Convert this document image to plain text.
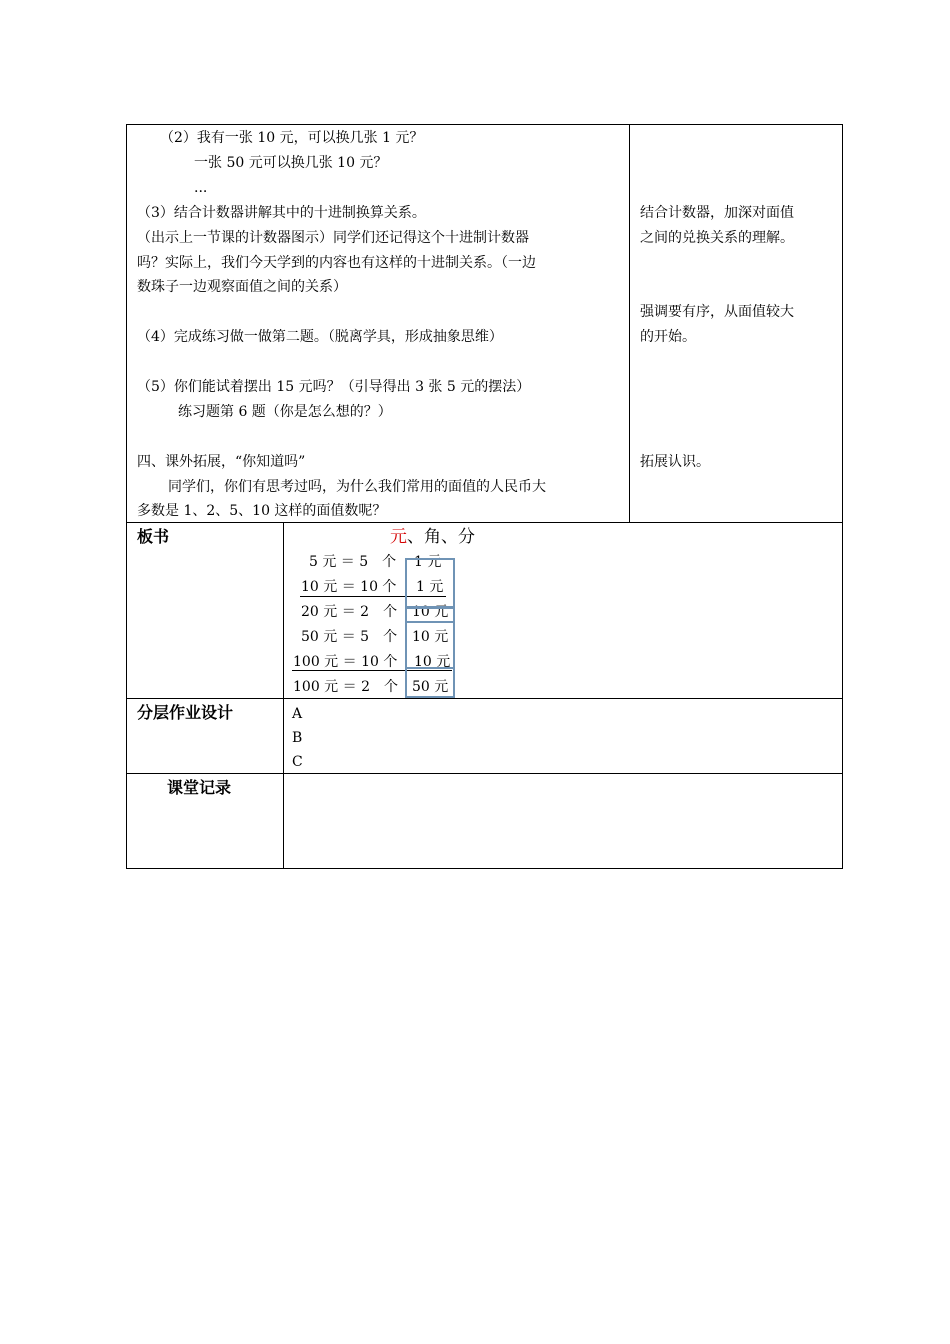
（2）我有一张 10 元，可以换几张 1 元？
一张 50 元可以换几张 10 元？
...
（3）结合计数器讲解其中的十进制换算关系。
（出示上一节课的计数器图示）同学们还记得这个十进制计数器
吗？实际上，我们今天学到的内容也有这样的十进制关系。（一边
数珠子一边观察面值之间的关系）
（4）完成练习做一做第二题。（脱离学具，形成抽象思维）
（5）你们能试着摆出 15 元吗？（引导得出 3 张 5 元的摆法）
练习题第 6 题（你是怎么想的？）
四、课外拓展，“你知道吗”
同学们，你们有思考过吗，为什么我们常用的面值的人民币大
多数是 1、2、5、10 这样的面值数呢？
结合计数器，加深对面值
之间的兑换关系的理解。
强调要有序，从面值较大
的开始。
拓展认识。
板书	元、角、分
5 元 ＝ 5　个 1 元
10 元 ＝ 10 个 1 元
20 元 ＝ 2　个 10 元
50 元 ＝ 5　个 10 元
100 元 ＝ 10 个 10 元
100 元 ＝ 2　个 50 元
分层作业设计	A
B
C
课堂记录
